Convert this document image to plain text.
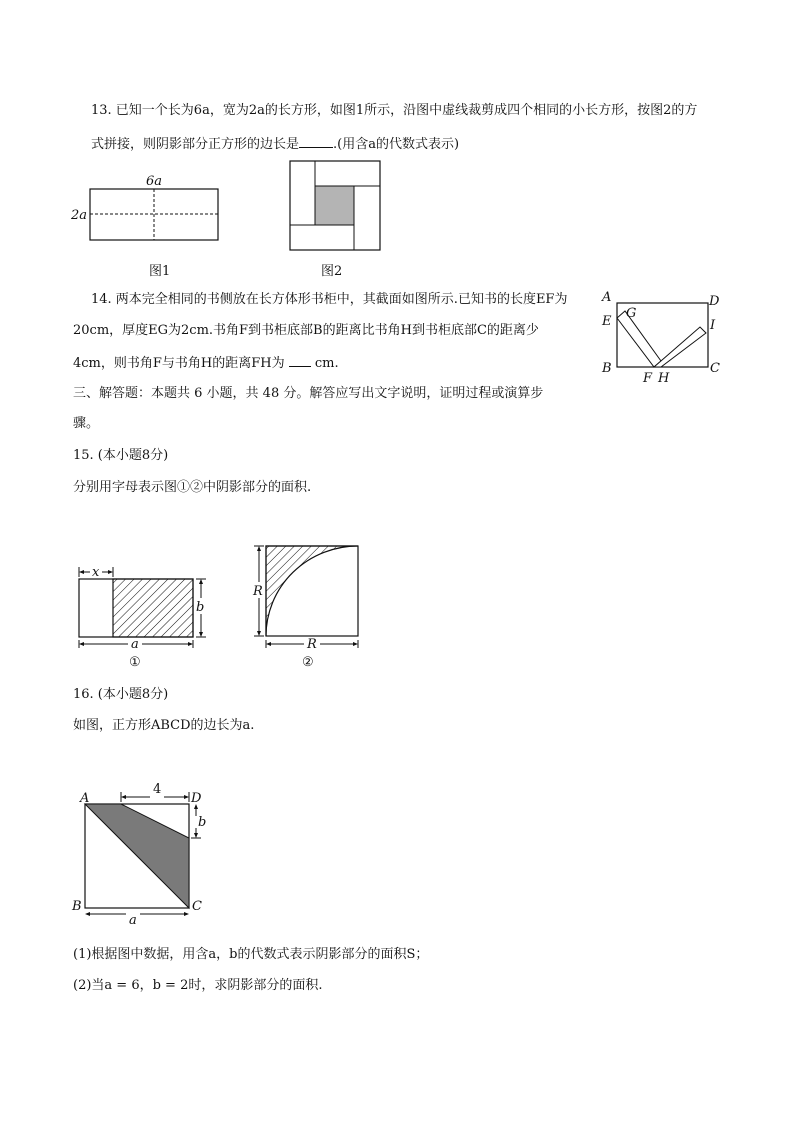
13. 已知一个长为6a，宽为2a的长方形，如图1所示，沿图中虚线裁剪成四个相同的小长方形，按图2的方
式拼接，则阴影部分正方形的边长是	.(用含a的代数式表示)
6a
2a
图1	图2
14. 两本完全相同的书侧放在长方体形书柜中，其截面如图所示.已知书的长度EF为
20cm，厚度EG为2cm.书角F到书柜底部B的距离比书角H到书柜底部C的距离少
4cm，则书角F与书角H的距离FH为 cm.
A	D
E
G
I
B
F H
C
三、解答题：本题共 6 小题，共 48 分。解答应写出文字说明，证明过程或演算步
骤。
15. (本小题8分)
分别用字母表示图①②中阴影部分的面积.
x
b
a
①
R
R
②
16. (本小题8分)
如图，正方形ABCD的边长为a.
4
b
a
A	D
B	C
(1)根据图中数据，用含a，b的代数式表示阴影部分的面积S；
(2)当a = 6，b = 2时，求阴影部分的面积.
